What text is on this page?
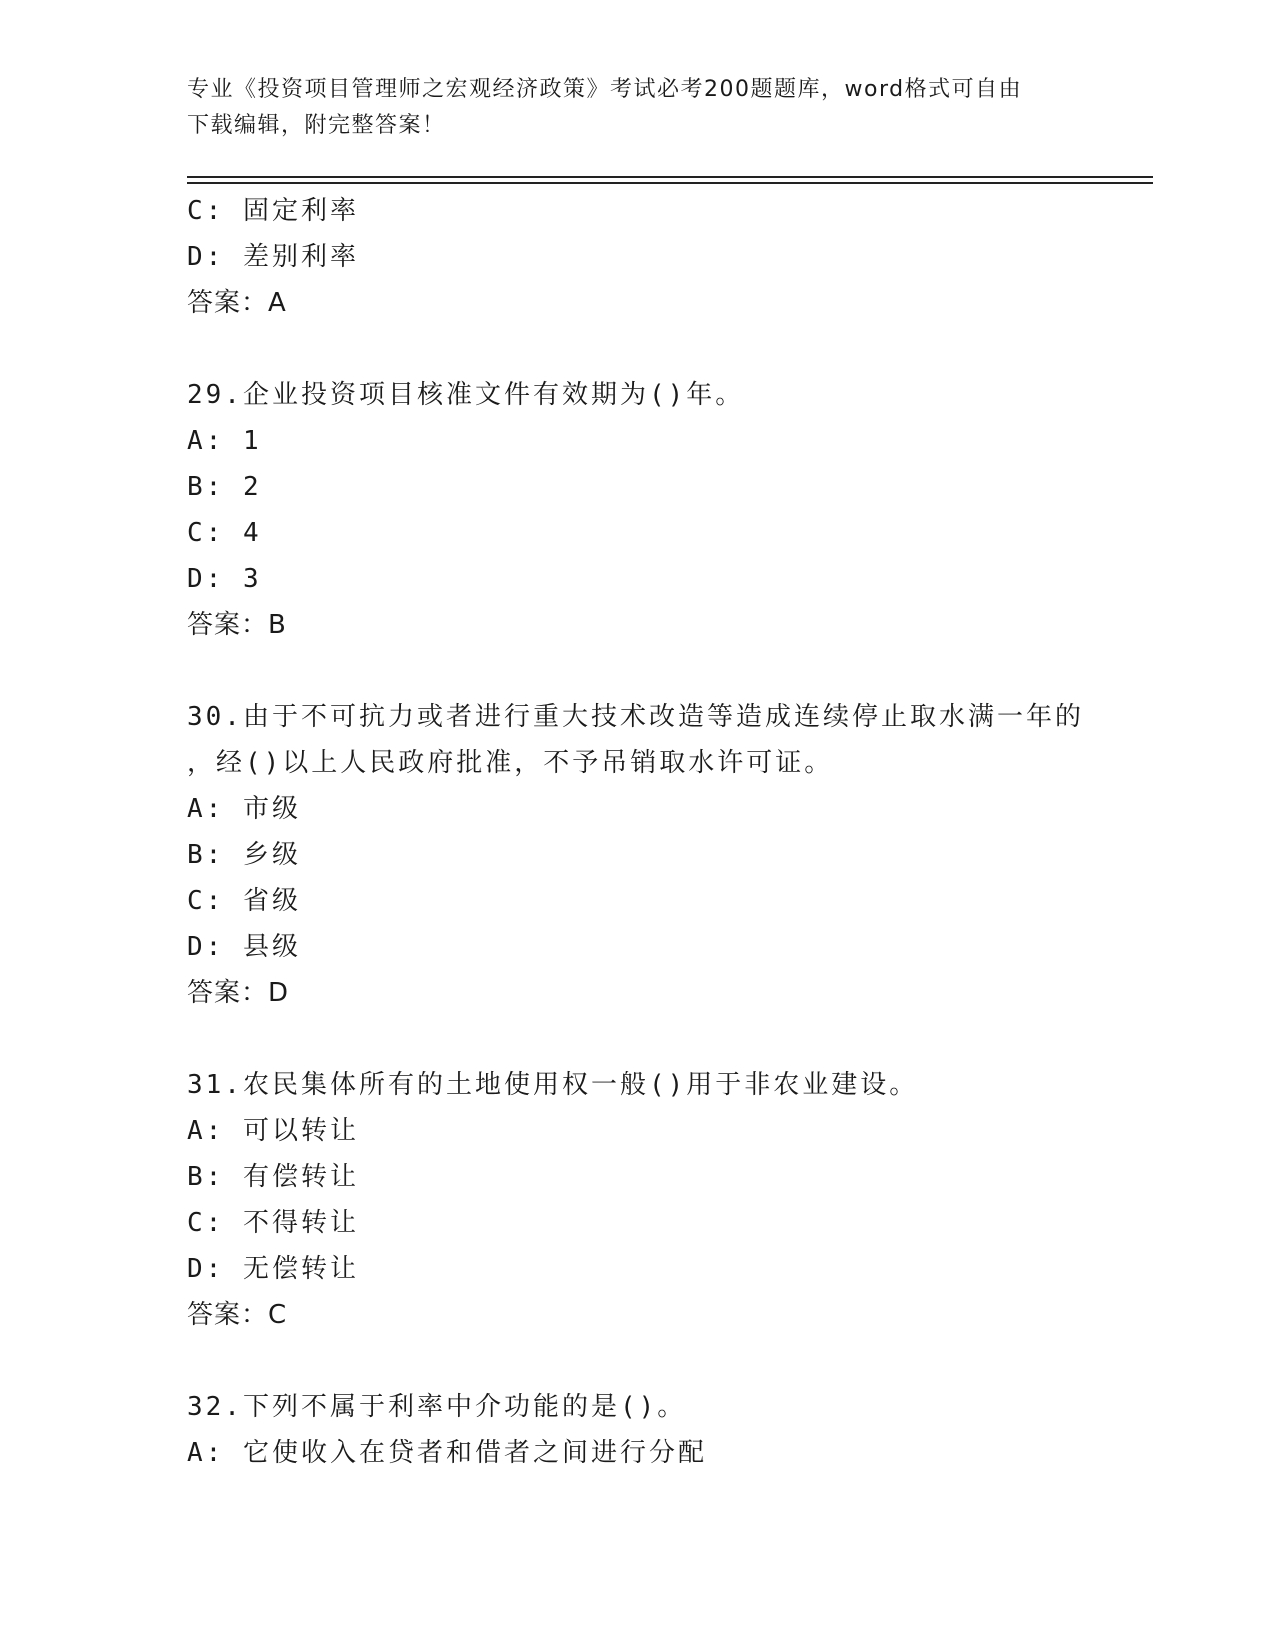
专业《投资项目管理师之宏观经济政策》考试必考200题题库，word格式可自由
下载编辑，附完整答案！
C: 固定利率
D: 差别利率
答案：A
29.企业投资项目核准文件有效期为()年。
A: 1
B: 2
C: 4
D: 3
答案：B
30.由于不可抗力或者进行重大技术改造等造成连续停止取水满一年的
，经()以上人民政府批准，不予吊销取水许可证。
A: 市级
B: 乡级
C: 省级
D: 县级
答案：D
31.农民集体所有的土地使用权一般()用于非农业建设。
A: 可以转让
B: 有偿转让
C: 不得转让
D: 无偿转让
答案：C
32.下列不属于利率中介功能的是()。
A: 它使收入在贷者和借者之间进行分配
